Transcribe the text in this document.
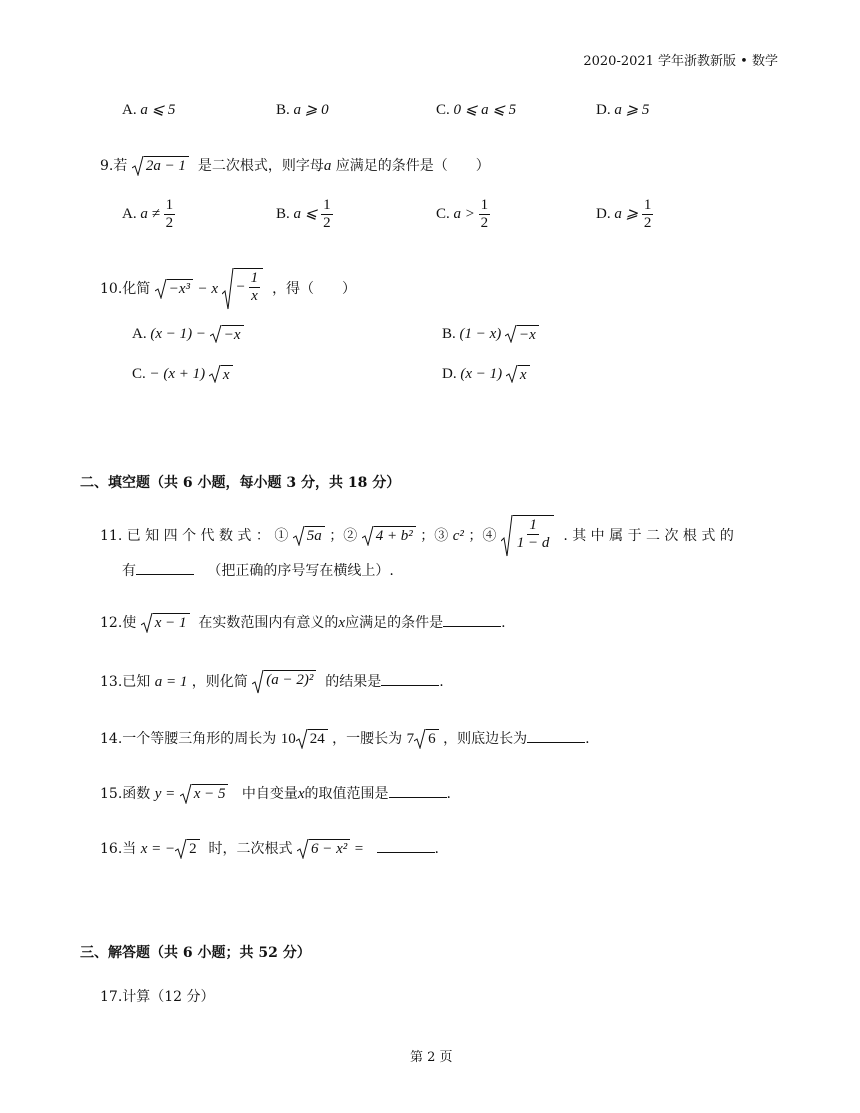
2020-2021 学年浙教新版 • 数学
A. a ⩽ 5	B. a ⩾ 0	C. 0 ⩽ a ⩽ 5	D. a ⩾ 5
9.若 2a − 1 是二次根式，则字母a 应满足的条件是（　　）
A. $a \ne \frac{1}{2}$	B. a ⩽ $\frac{1}{2}$	C. $a > \frac{1}{2}$	D. a ⩾ $\frac{1}{2}$
10.化简 $-x^3 - x - \frac{1}{x}$ ，得（　　）
A. (x − 1) − −x	B. (1 − x) −x
C. − (x + 1) x	D. (x − 1) x
二、填空题（共 6 小题，每小题 3 分，共 18 分）
11. 已 知 四 个 代 数 式 ： ① 5a ；② 4 + b² ；③ c² ；④ $\frac{1}{1 - d}$ . 其 中 属 于 二 次 根 式 的
有	（把正确的序号写在横线上）.
12.使 x − 1 在实数范围内有意义的x应满足的条件是	.
13.已知 a = 1 ，则化简 (a − 2)² 的结果是	.
14.一个等腰三角形的周长为 10 24 ，一腰长为 7 6 ，则底边长为	.
15.函数 y = x − 5 中自变量x的取值范围是	.
16.当 x = − 2 时，二次根式 6 − x² =	.
三、解答题（共 6 小题；共 52 分）
17.计算（12 分）
第 2 页
